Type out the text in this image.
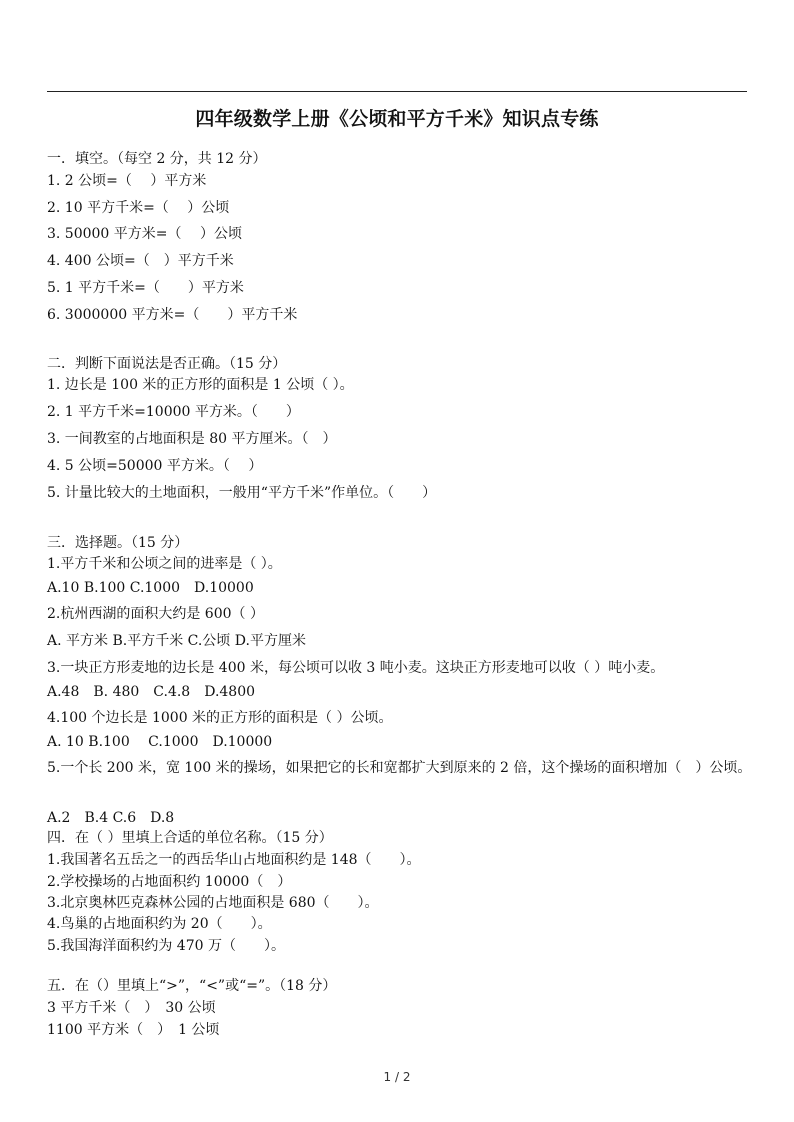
四年级数学上册《公顷和平方千米》知识点专练
一．填空。（每空 2 分，共 12 分）
1. 2 公顷=（　 ）平方米
2. 10 平方千米=（　 ）公顷
3. 50000 平方米=（　 ）公顷
4. 400 公顷=（　）平方千米
5. 1 平方千米=（　　）平方米
6. 3000000 平方米=（　　）平方千米
二．判断下面说法是否正确。（15 分）
1. 边长是 100 米的正方形的面积是 1 公顷（ ）。
2. 1 平方千米=10000 平方米。（　　）
3. 一间教室的占地面积是 80 平方厘米。（　）
4. 5 公顷=50000 平方米。（　 ）
5. 计量比较大的土地面积，一般用“平方千米”作单位。（　　）
三．选择题。（15 分）
1.平方千米和公顷之间的进率是（ ）。
A.10 B.100 C.1000　D.10000
2.杭州西湖的面积大约是 600（ ）
A. 平方米 B.平方千米 C.公顷 D.平方厘米
3.一块正方形麦地的边长是 400 米，每公顷可以收 3 吨小麦。这块正方形麦地可以收（ ）吨小麦。
A.48　B. 480　C.4.8　D.4800
4.100 个边长是 1000 米的正方形的面积是（ ）公顷。
A. 10 B.100　 C.1000　D.10000
5.一个长 200 米，宽 100 米的操场，如果把它的长和宽都扩大到原来的 2 倍，这个操场的面积增加（　）公顷。
A.2　B.4 C.6　D.8
四．在（ ）里填上合适的单位名称。（15 分）
1.我国著名五岳之一的西岳华山占地面积约是 148（　　）。
2.学校操场的占地面积约 10000（　）
3.北京奥林匹克森林公园的占地面积是 680（　　）。
4.鸟巢的占地面积约为 20（　　）。
5.我国海洋面积约为 470 万（　　）。
五．在（）里填上“>”，“<”或“=”。（18 分）
3 平方千米（　）　30 公顷
1100 平方米（　）　1 公顷
1 / 2
